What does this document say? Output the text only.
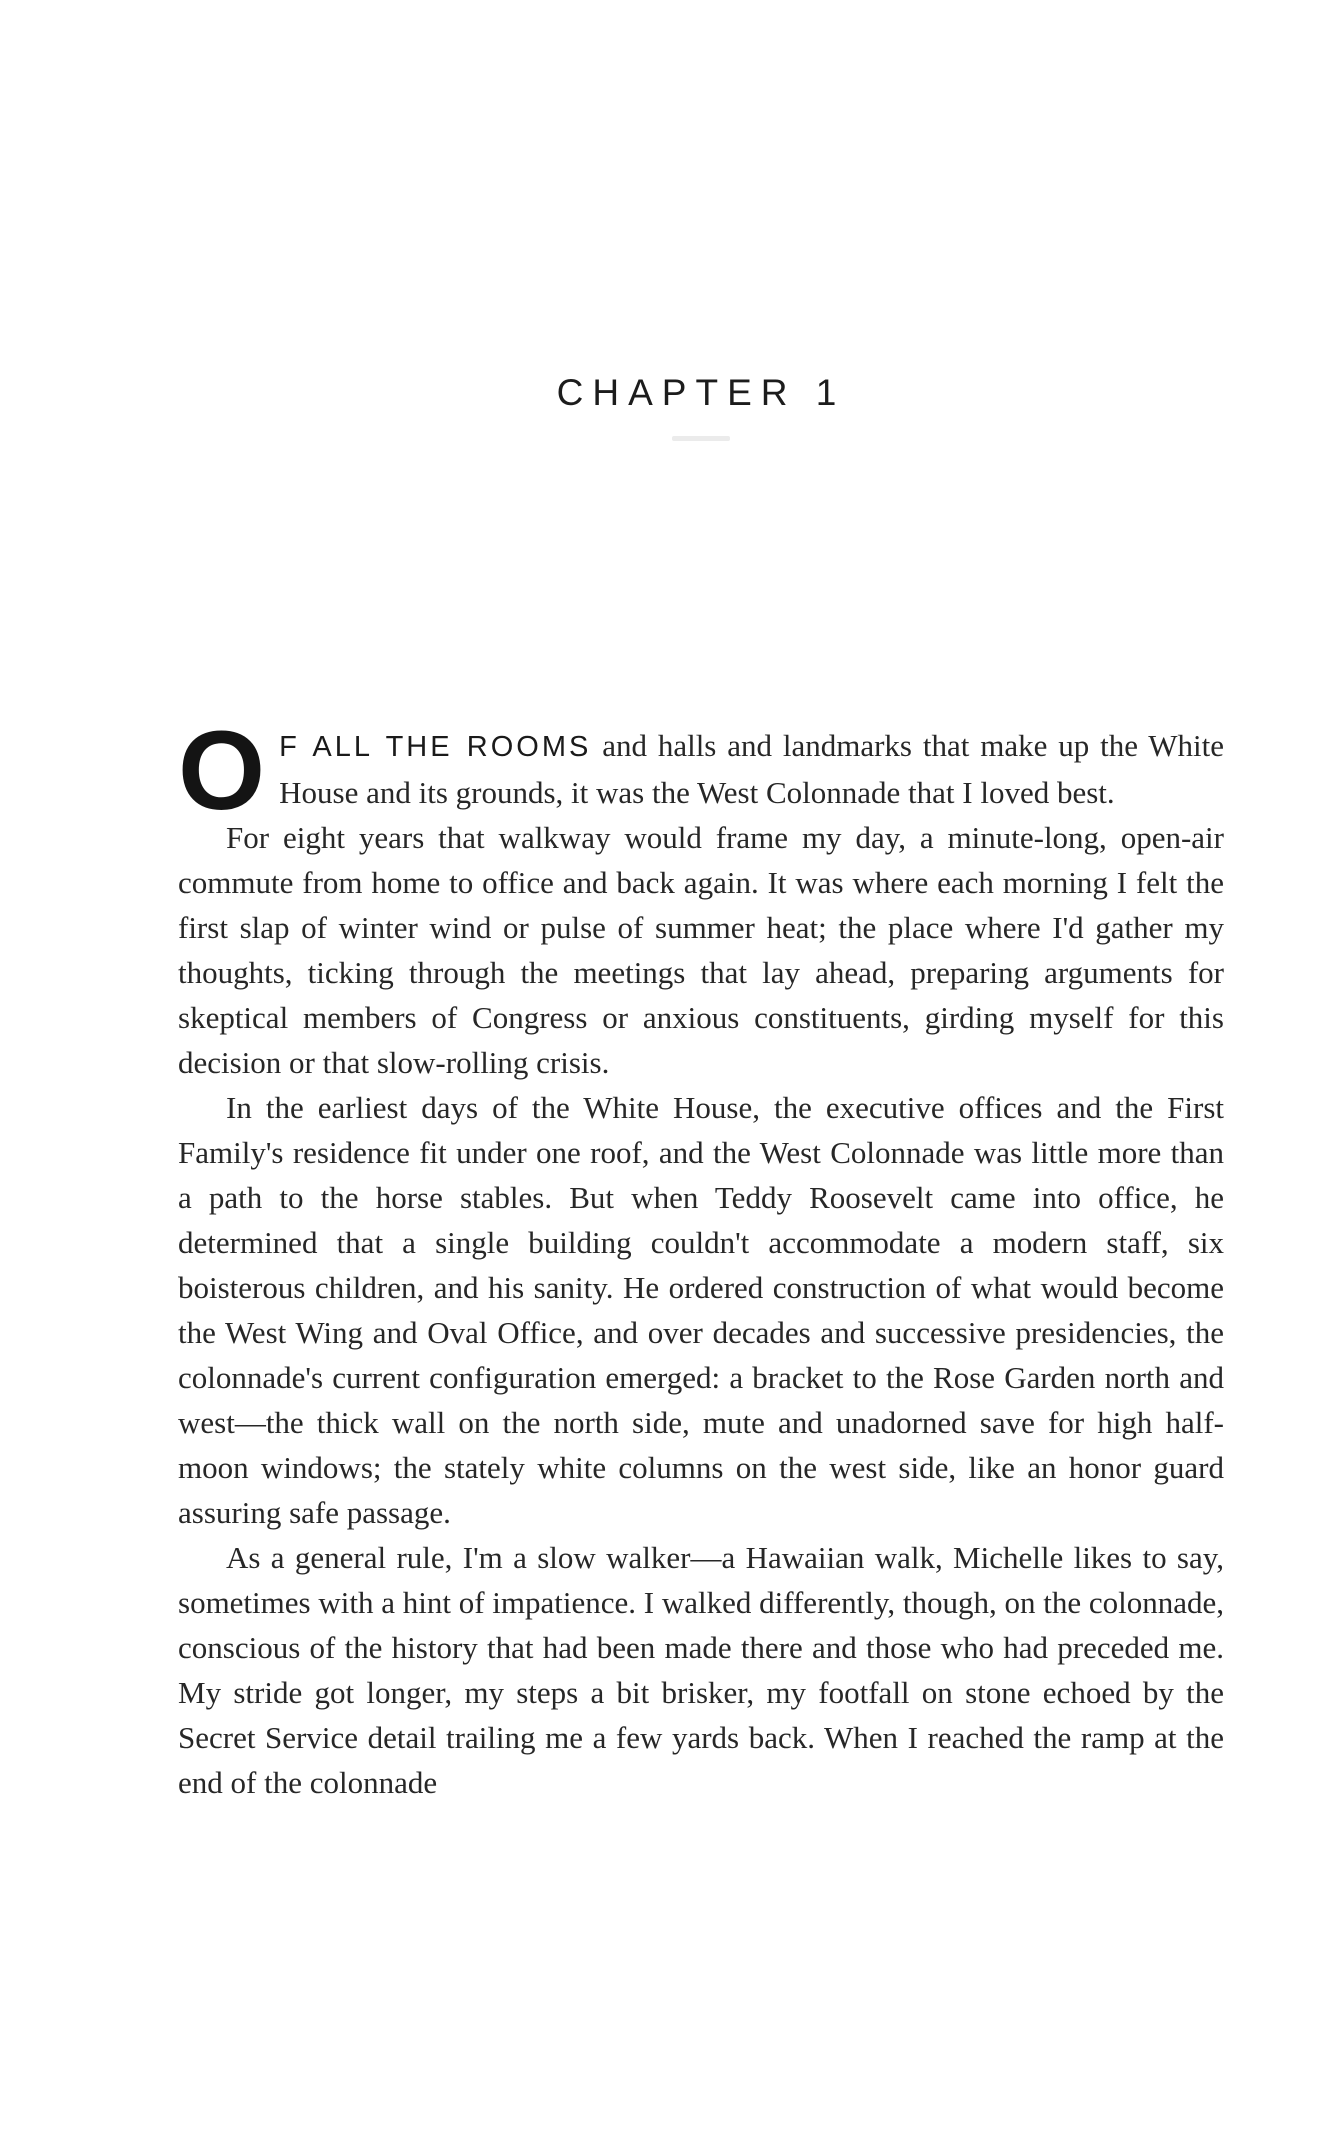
CHAPTER 1

O F ALL THE ROOMS and halls and landmarks that make up the White House and its grounds, it was the West Colonnade that I loved best.

For eight years that walkway would frame my day, a minute-long, open-air commute from home to office and back again. It was where each morning I felt the first slap of winter wind or pulse of summer heat; the place where I'd gather my thoughts, ticking through the meetings that lay ahead, preparing arguments for skeptical members of Congress or anxious constituents, girding myself for this decision or that slow-rolling crisis.

In the earliest days of the White House, the executive offices and the First Family's residence fit under one roof, and the West Colonnade was little more than a path to the horse stables. But when Teddy Roosevelt came into office, he determined that a single building couldn't accommodate a modern staff, six boisterous children, and his sanity. He ordered construction of what would become the West Wing and Oval Office, and over decades and successive presidencies, the colonnade's current configuration emerged: a bracket to the Rose Garden north and west—the thick wall on the north side, mute and unadorned save for high half-moon windows; the stately white columns on the west side, like an honor guard assuring safe passage.

As a general rule, I'm a slow walker—a Hawaiian walk, Michelle likes to say, sometimes with a hint of impatience. I walked differently, though, on the colonnade, conscious of the history that had been made there and those who had preceded me. My stride got longer, my steps a bit brisker, my footfall on stone echoed by the Secret Service detail trailing me a few yards back. When I reached the ramp at the end of the colonnade
